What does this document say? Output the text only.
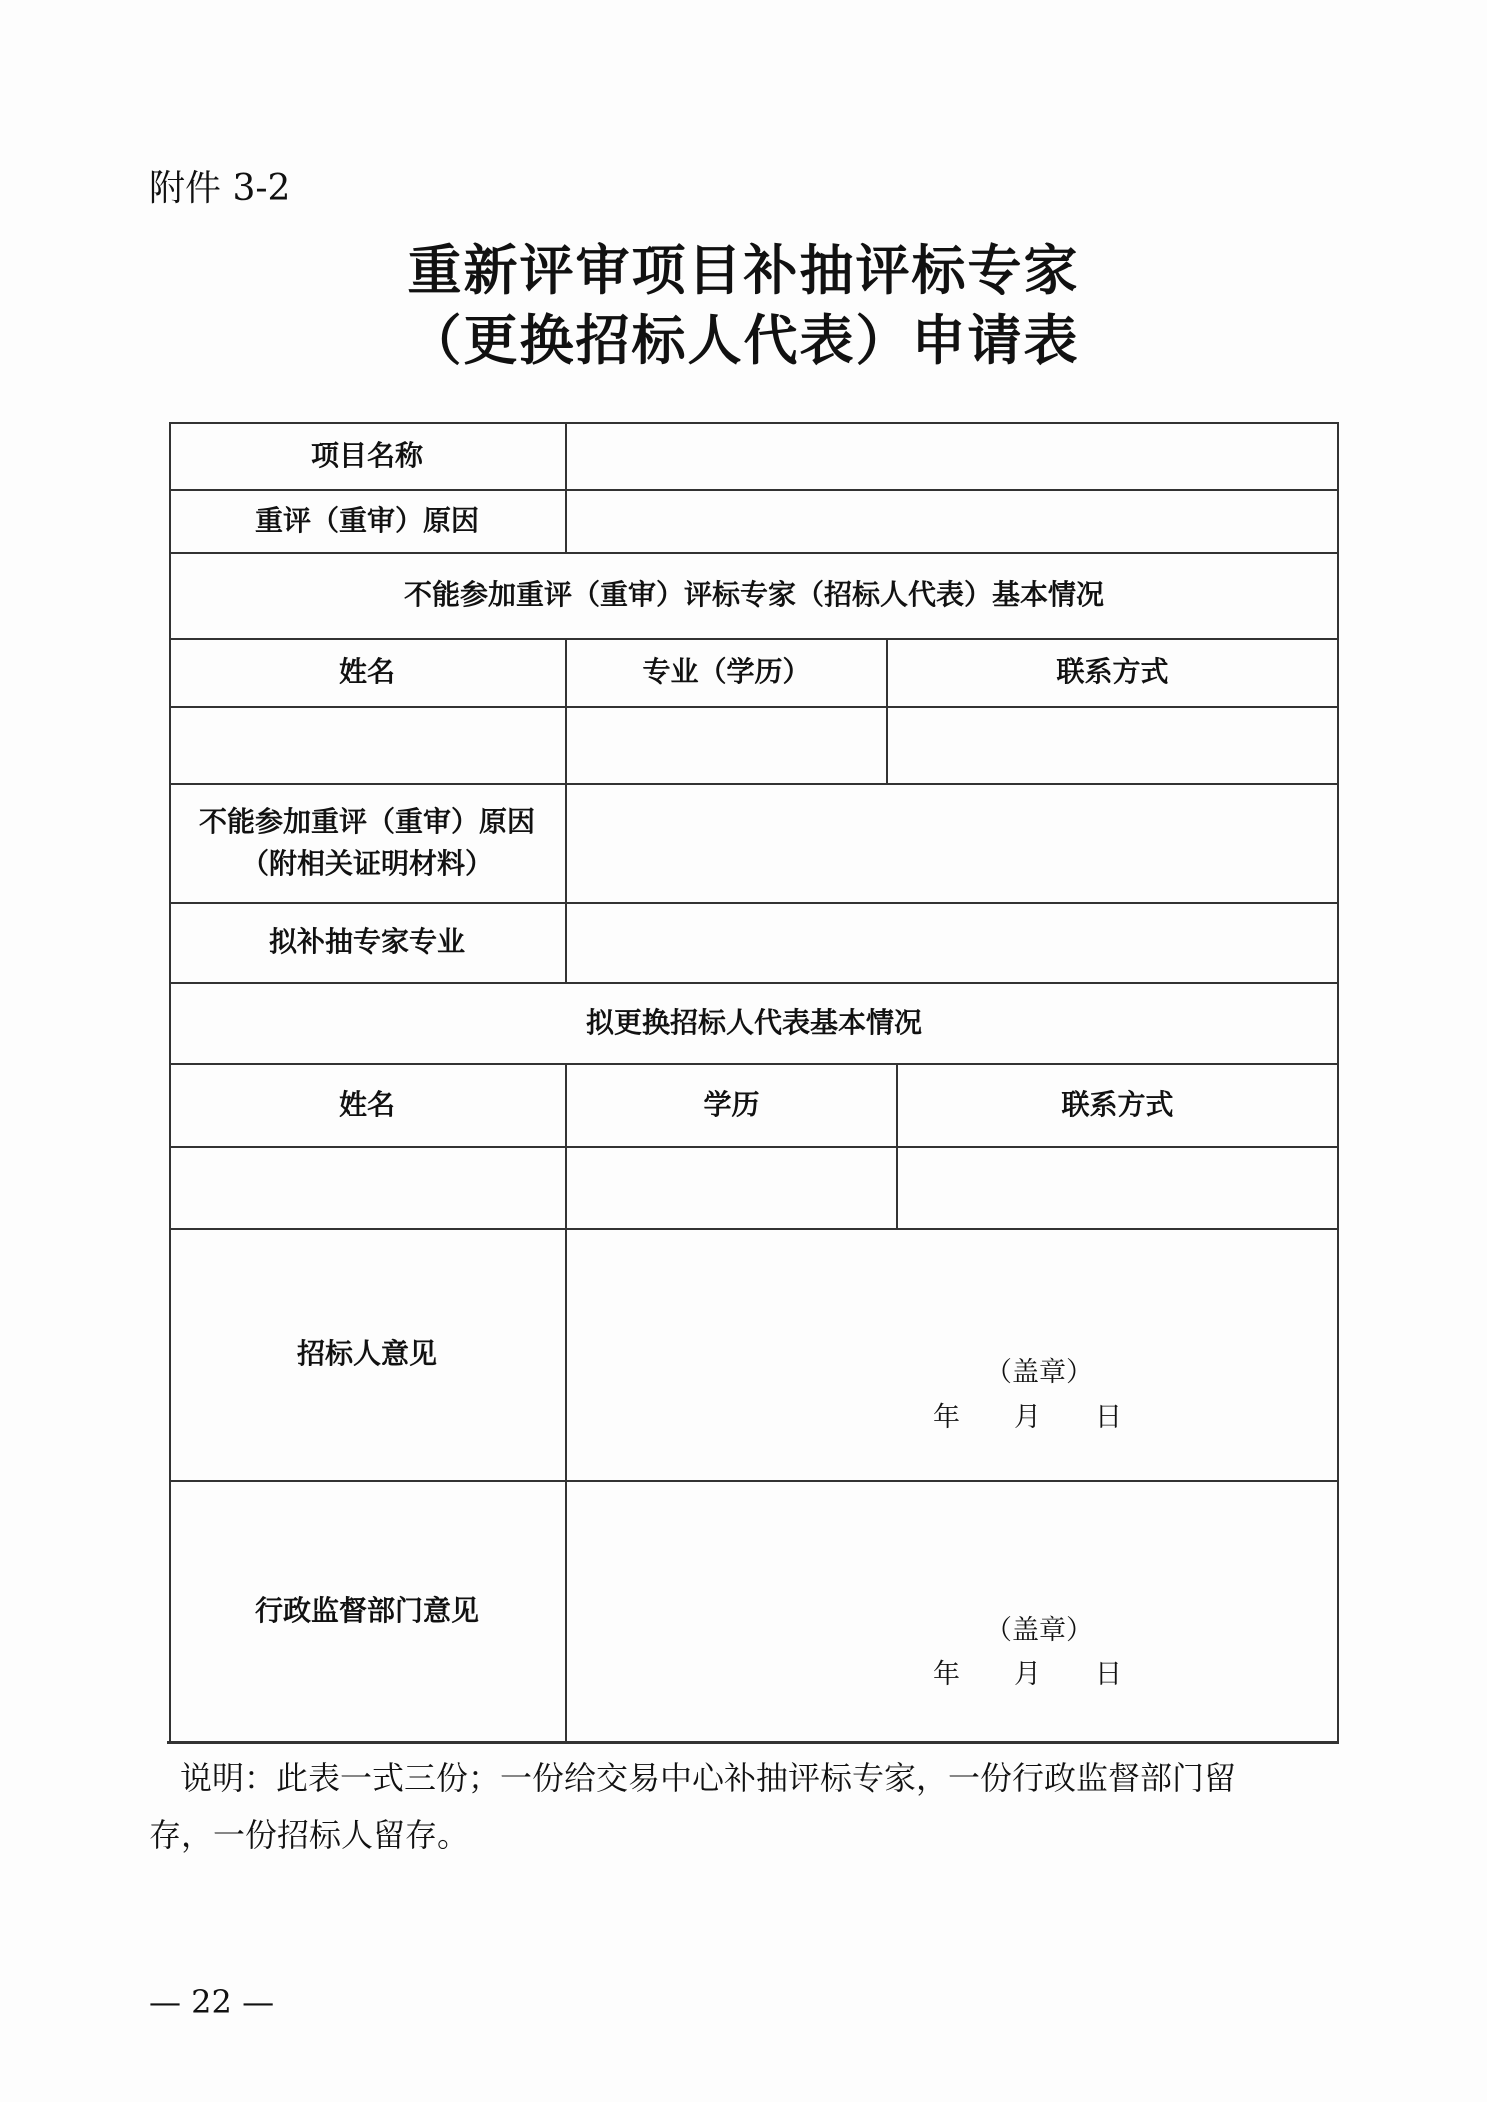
附件 3-2
重新评审项目补抽评标专家
（更换招标人代表）申请表
项目名称
重评（重审）原因
不能参加重评（重审）评标专家（招标人代表）基本情况
姓名	专业（学历）	联系方式
不能参加重评（重审）原因
（附相关证明材料）
拟补抽专家专业
拟更换招标人代表基本情况
姓名	学历	联系方式
招标人意见
（盖章）
年　　月　　日
行政监督部门意见
（盖章）
年　　月　　日
说明：此表一式三份；一份给交易中心补抽评标专家，一份行政监督部门留
存，一份招标人留存。
— 22 —
